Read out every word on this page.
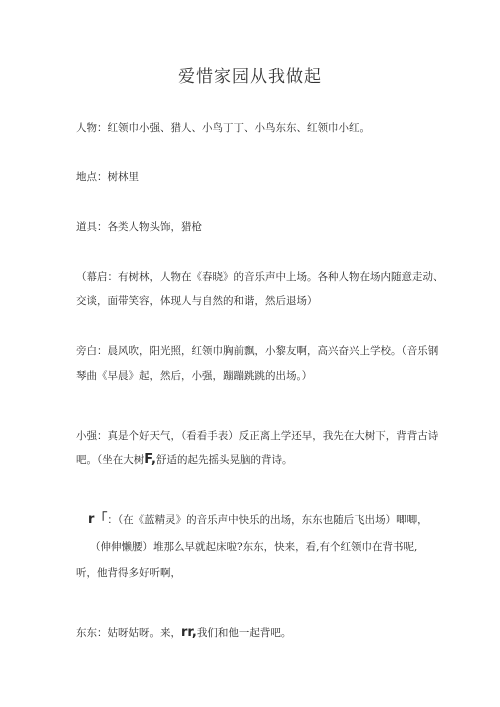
爱惜家园从我做起
人物：红领巾小强、猎人、小鸟丁丁、小鸟东东、红领巾小红。
地点：树林里
道具：各类人物头饰，猎枪
（幕启：有树林，人物在《春晓》的音乐声中上场。各种人物在场内随意走动、
交谈，面带笑容，体现人与自然的和谐，然后退场）
旁白：晨风吹，阳光照，红领巾胸前飘，小黎友啊，高兴奋兴上学校。（音乐钢
琴曲《早晨》起，然后，小强，蹦蹦跳跳的出场。）
小强：真是个好天气，（看看手表）反正离上学还早，我先在大树下，背背古诗
吧。（坐在大树F,舒适的起先摇头晃脑的背诗。
r「：（在《蓝精灵》的音乐声中快乐的出场，东东也随后飞出场）唧唧，
（伸伸懒腰）堆那么早就起床啦?东东，快来，看,有个红领巾在背书呢,
听，他背得多好听啊，
东东：姑呀姑呀。来，rr,我们和他一起背吧。
